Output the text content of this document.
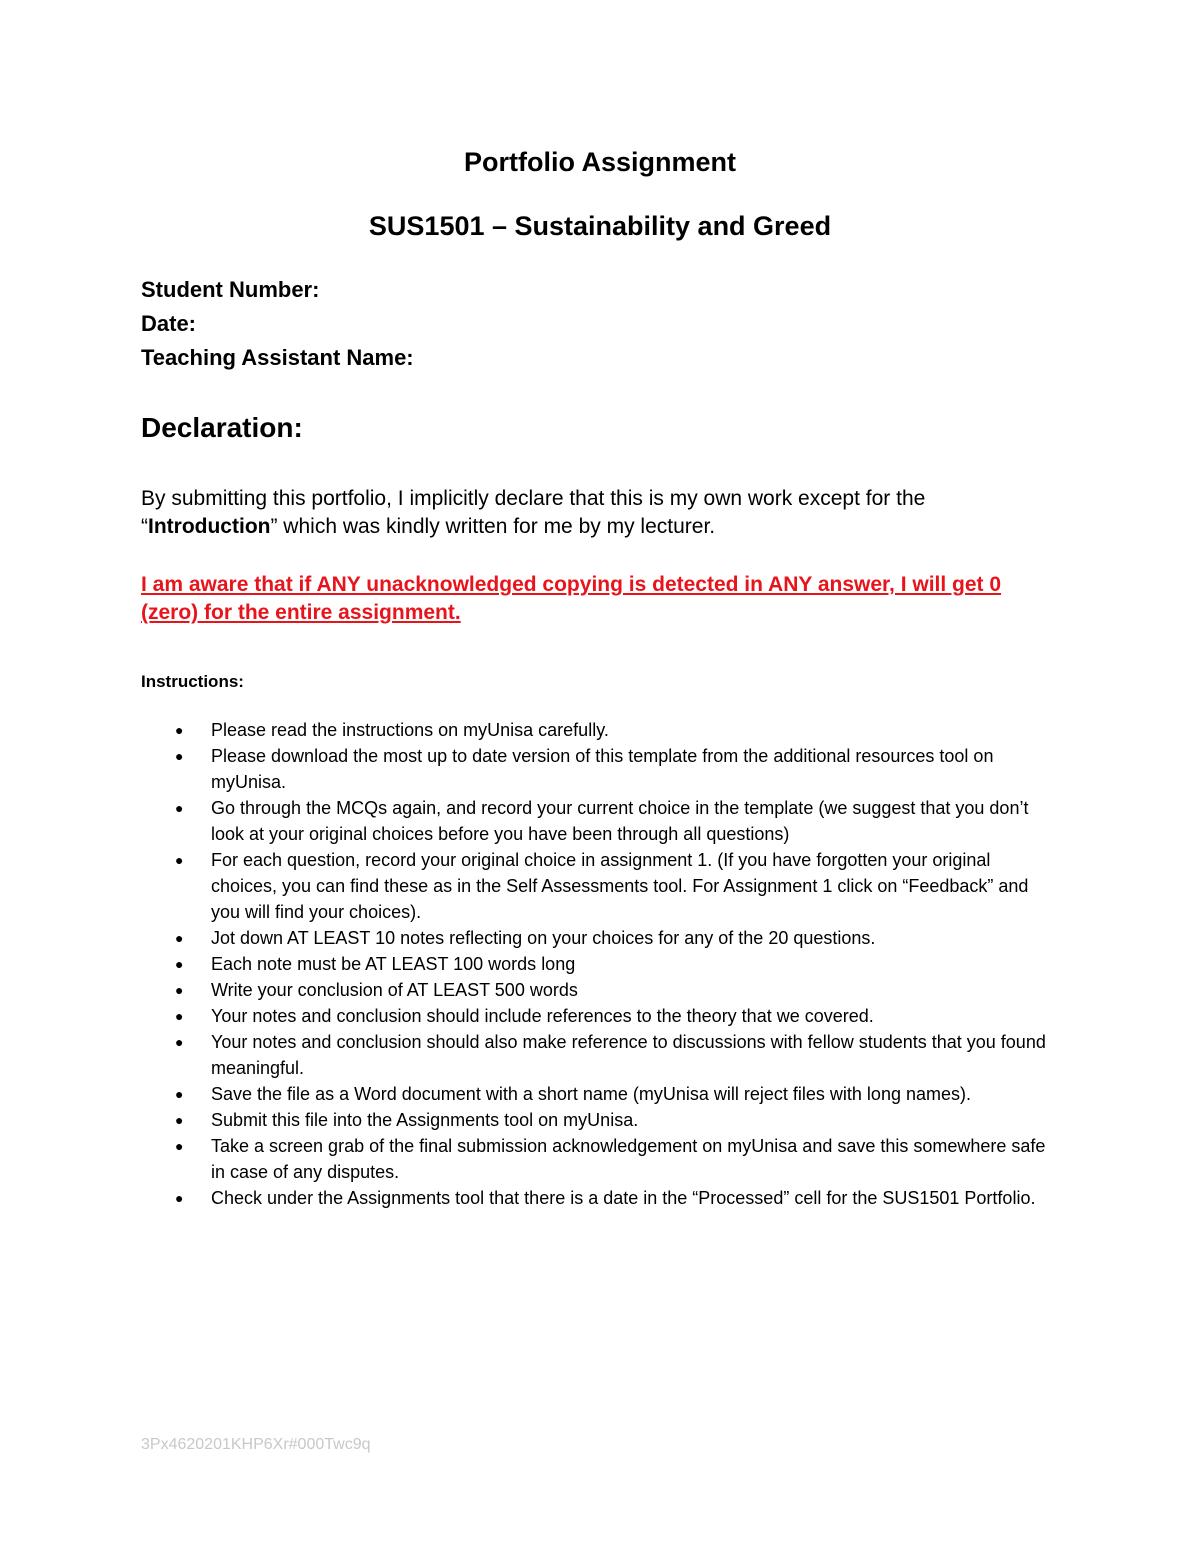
Portfolio Assignment
SUS1501 – Sustainability and Greed
Student Number:
Date:
Teaching Assistant Name:
Declaration:
By submitting this portfolio, I implicitly declare that this is my own work except for the “Introduction” which was kindly written for me by my lecturer.
I am aware that if ANY unacknowledged copying is detected in ANY answer, I will get 0 (zero) for the entire assignment.
Instructions:
● Please read the instructions on myUnisa carefully.
● Please download the most up to date version of this template from the additional resources tool on myUnisa.
● Go through the MCQs again, and record your current choice in the template (we suggest that you don’t look at your original choices before you have been through all questions)
● For each question, record your original choice in assignment 1. (If you have forgotten your original choices, you can find these as in the Self Assessments tool. For Assignment 1 click on “Feedback” and you will find your choices).
● Jot down AT LEAST 10 notes reflecting on your choices for any of the 20 questions.
● Each note must be AT LEAST 100 words long
● Write your conclusion of AT LEAST 500 words
● Your notes and conclusion should include references to the theory that we covered.
● Your notes and conclusion should also make reference to discussions with fellow students that you found meaningful.
● Save the file as a Word document with a short name (myUnisa will reject files with long names).
● Submit this file into the Assignments tool on myUnisa.
● Take a screen grab of the final submission acknowledgement on myUnisa and save this somewhere safe in case of any disputes.
● Check under the Assignments tool that there is a date in the “Processed” cell for the SUS1501 Portfolio.
3Px4620201KHP6Xr#000Twc9q
